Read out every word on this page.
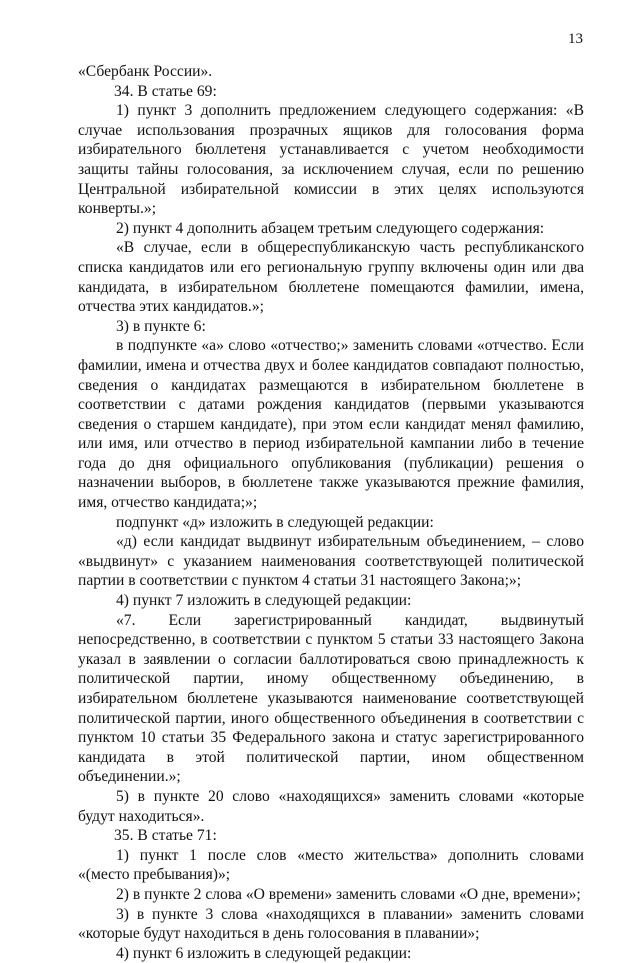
13

«Сбербанк России».

34. В статье 69:

1) пункт 3 дополнить предложением следующего содержания: «В случае использования прозрачных ящиков для голосования форма избирательного бюллетеня устанавливается с учетом необходимости защиты тайны голосования, за исключением случая, если по решению Центральной избирательной комиссии в этих целях используются конверты.»;

2) пункт 4 дополнить абзацем третьим следующего содержания:

«В случае, если в общереспубликанскую часть республиканского списка кандидатов или его региональную группу включены один или два кандидата, в избирательном бюллетене помещаются фамилии, имена, отчества этих кандидатов.»;

3) в пункте 6:

в подпункте «а» слово «отчество;» заменить словами «отчество. Если фамилии, имена и отчества двух и более кандидатов совпадают полностью, сведения о кандидатах размещаются в избирательном бюллетене в соответствии с датами рождения кандидатов (первыми указываются сведения о старшем кандидате), при этом если кандидат менял фамилию, или имя, или отчество в период избирательной кампании либо в течение года до дня официального опубликования (публикации) решения о назначении выборов, в бюллетене также указываются прежние фамилия, имя, отчество кандидата;»;

подпункт «д» изложить в следующей редакции:

«д) если кандидат выдвинут избирательным объединением, – слово «выдвинут» с указанием наименования соответствующей политической партии в соответствии с пунктом 4 статьи 31 настоящего Закона;»;

4) пункт 7 изложить в следующей редакции:

«7. Если зарегистрированный кандидат, выдвинутый непосредственно, в соответствии с пунктом 5 статьи 33 настоящего Закона указал в заявлении о согласии баллотироваться свою принадлежность к политической партии, иному общественному объединению, в избирательном бюллетене указываются наименование соответствующей политической партии, иного общественного объединения в соответствии с пунктом 10 статьи 35 Федерального закона и статус зарегистрированного кандидата в этой политической партии, ином общественном объединении.»;

5) в пункте 20 слово «находящихся» заменить словами «которые будут находиться».

35. В статье 71:

1) пункт 1 после слов «место жительства» дополнить словами «(место пребывания)»;

2) в пункте 2 слова «О времени» заменить словами «О дне, времени»;

3) в пункте 3 слова «находящихся в плавании» заменить словами «которые будут находиться в день голосования в плавании»;

4) пункт 6 изложить в следующей редакции:
